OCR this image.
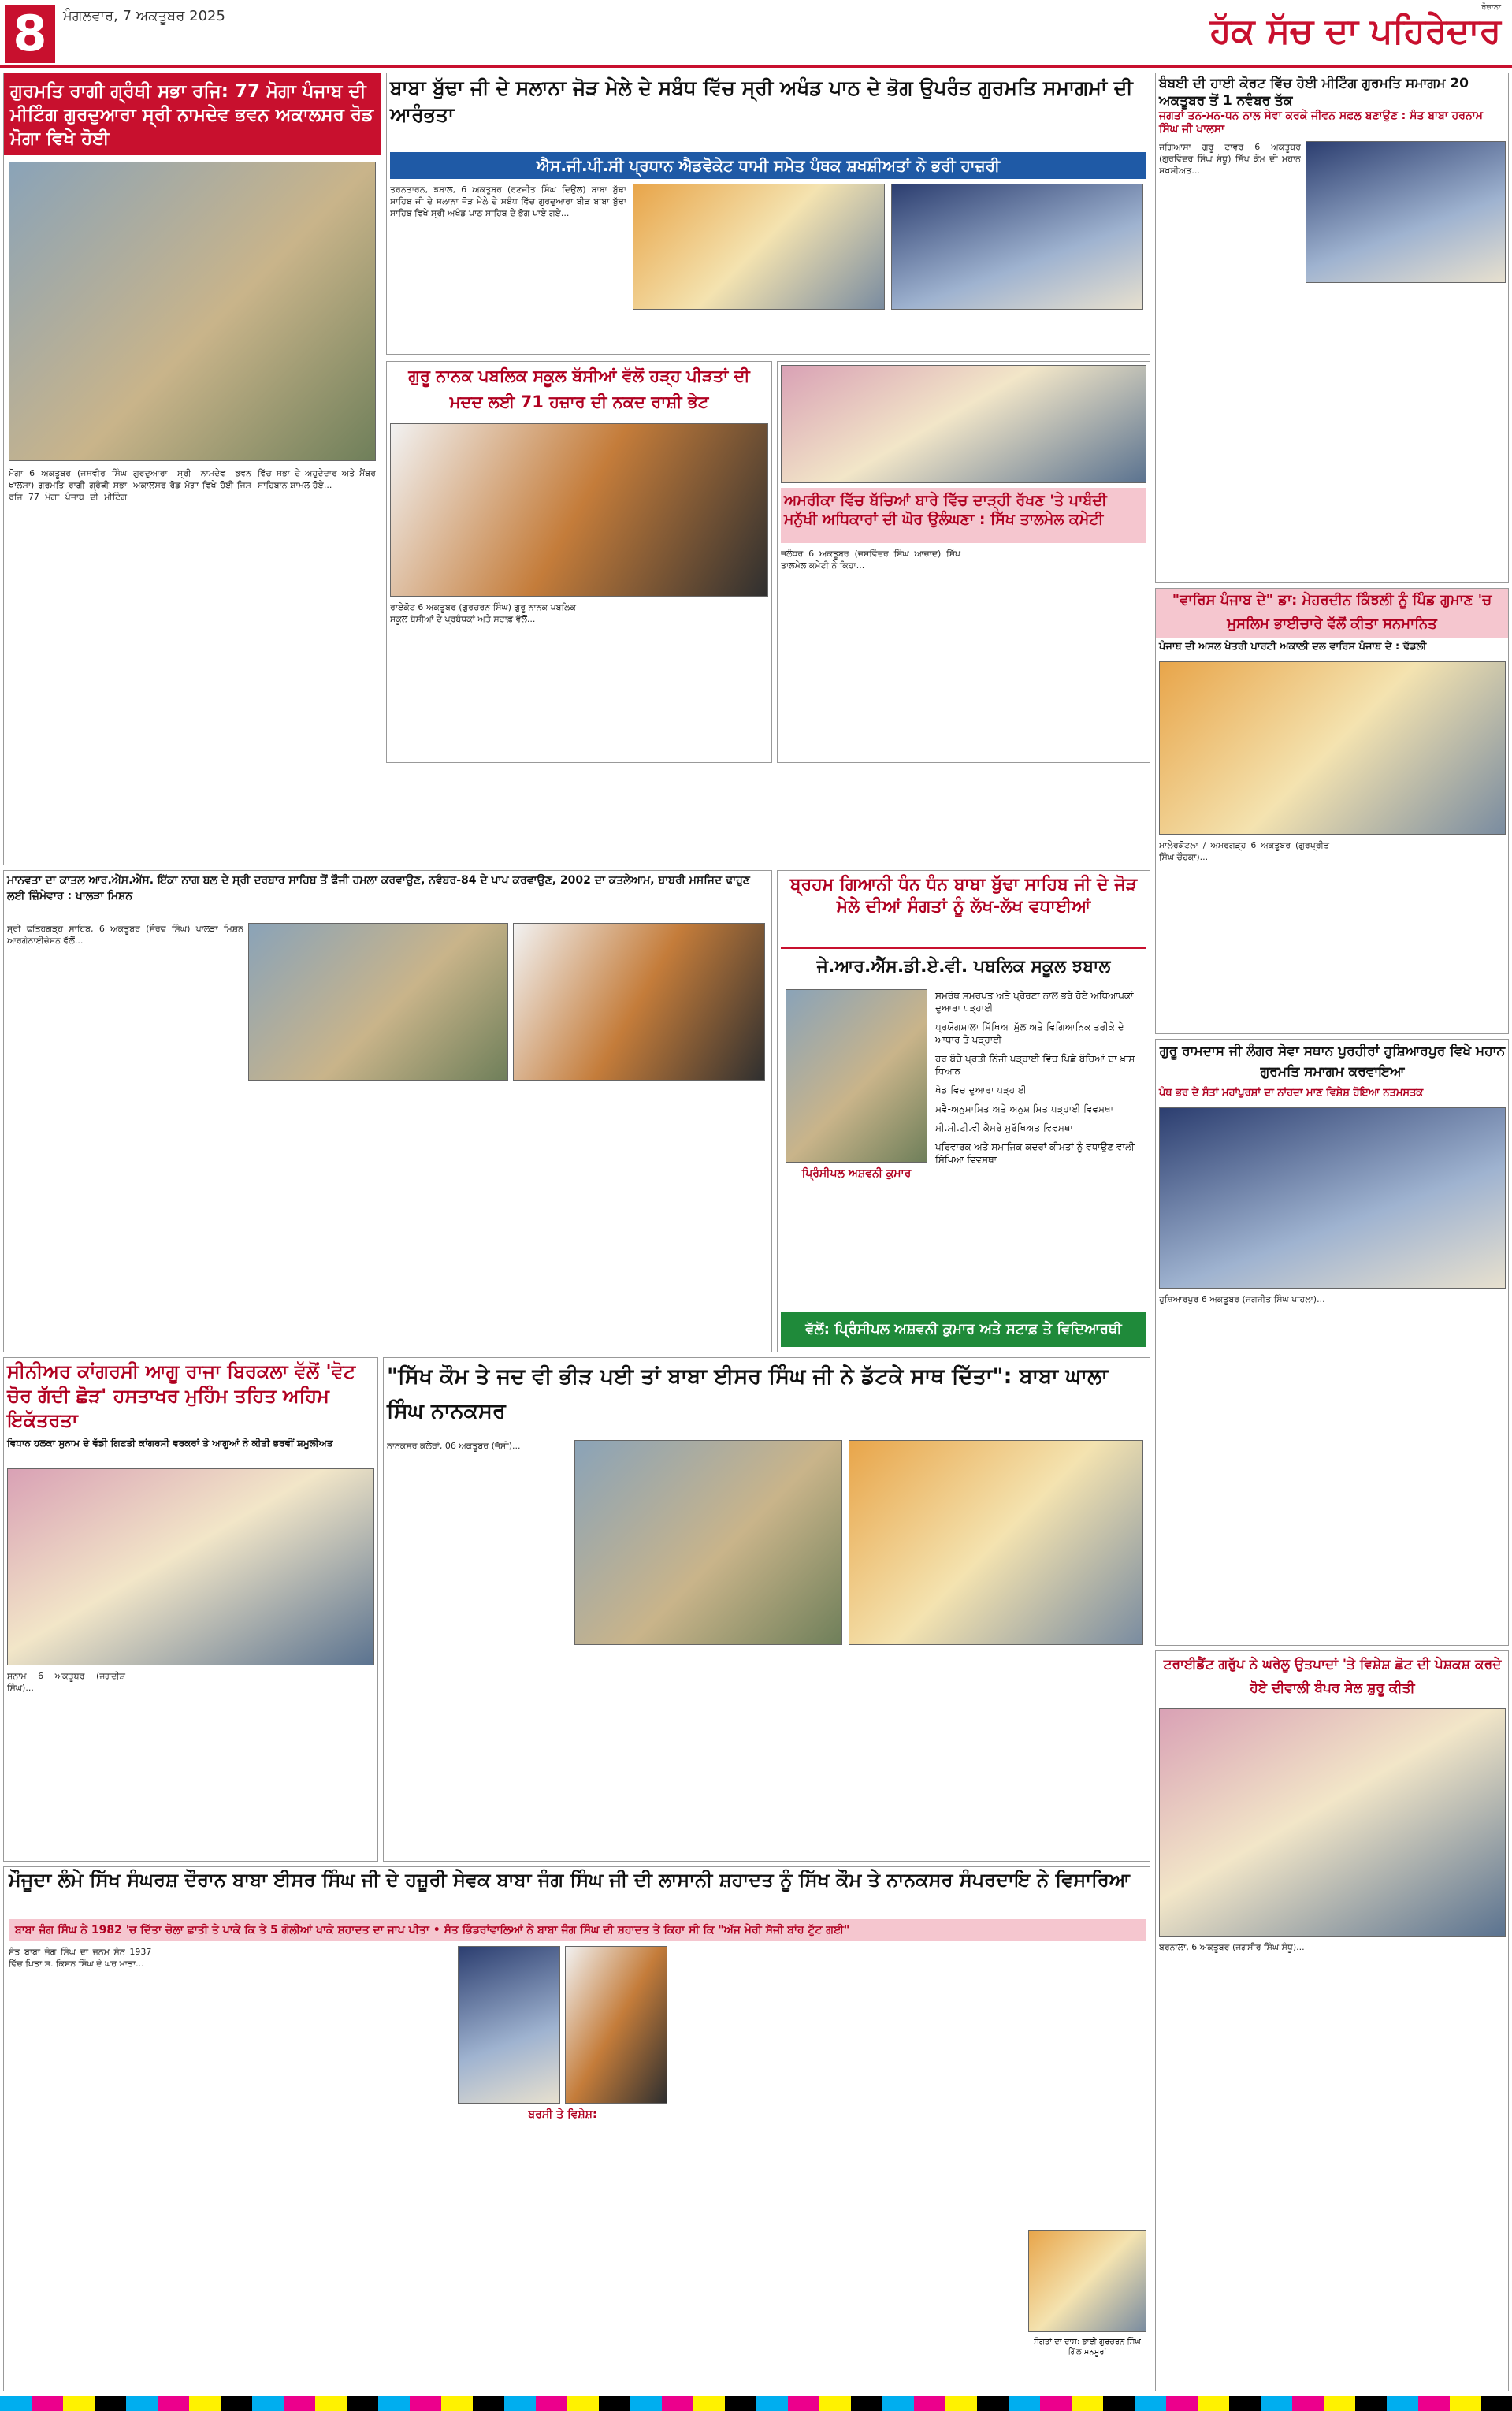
8	ਮੰਗਲਵਾਰ, 7 ਅਕਤੂਬਰ 2025
ਰੋਜ਼ਾਨਾ
ਹੱਕ ਸੱਚ ਦਾ ਪਹਿਰੇਦਾਰ
ਗੁਰਮਤਿ ਰਾਗੀ ਗ੍ਰੰਥੀ ਸਭਾ ਰਜਿ: 77 ਮੋਗਾ ਪੰਜਾਬ ਦੀ ਮੀਟਿੰਗ ਗੁਰਦੁਆਰਾ ਸ੍ਰੀ ਨਾਮਦੇਵ ਭਵਨ ਅਕਾਲਸਰ ਰੋਡ ਮੋਗਾ ਵਿਖੇ ਹੋਈ
ਮੋਗਾ 6 ਅਕਤੂਬਰ (ਜਸਵੀਰ ਸਿੰਘ ਖਾਲਸਾ) ਗੁਰਮਤਿ ਰਾਗੀ ਗ੍ਰੰਥੀ ਸਭਾ ਰਜਿ 77 ਮੋਗਾ ਪੰਜਾਬ ਦੀ ਮੀਟਿੰਗ ਗੁਰਦੁਆਰਾ ਸ੍ਰੀ ਨਾਮਦੇਵ ਭਵਨ ਅਕਾਲਸਰ ਰੋਡ ਮੋਗਾ ਵਿਖੇ ਹੋਈ ਜਿਸ ਵਿੱਚ ਸਭਾ ਦੇ ਅਹੁਦੇਦਾਰ ਅਤੇ ਮੈਂਬਰ ਸਾਹਿਬਾਨ ਸ਼ਾਮਲ ਹੋਏ...
ਬਾਬਾ ਬੁੱਢਾ ਜੀ ਦੇ ਸਲਾਨਾ ਜੋੜ ਮੇਲੇ ਦੇ ਸਬੰਧ ਵਿੱਚ ਸ੍ਰੀ ਅਖੰਡ ਪਾਠ ਦੇ ਭੋਗ ਉਪਰੰਤ ਗੁਰਮਤਿ ਸਮਾਗਮਾਂ ਦੀ ਆਰੰਭਤਾ
ਐਸ.ਜੀ.ਪੀ.ਸੀ ਪ੍ਰਧਾਨ ਐਡਵੋਕੇਟ ਧਾਮੀ ਸਮੇਤ ਪੰਥਕ ਸ਼ਖਸ਼ੀਅਤਾਂ ਨੇ ਭਰੀ ਹਾਜ਼ਰੀ
ਤਰਨਤਾਰਨ, ਝਬਾਲ, 6 ਅਕਤੂਬਰ (ਰਣਜੀਤ ਸਿੰਘ ਦਿਉਲ) ਬਾਬਾ ਬੁੱਢਾ ਸਾਹਿਬ ਜੀ ਦੇ ਸਲਾਨਾ ਜੋੜ ਮੇਲੇ ਦੇ ਸਬੰਧ ਵਿੱਚ ਗੁਰਦੁਆਰਾ ਬੀੜ ਬਾਬਾ ਬੁੱਢਾ ਸਾਹਿਬ ਵਿਖੇ ਸ੍ਰੀ ਅਖੰਡ ਪਾਠ ਸਾਹਿਬ ਦੇ ਭੋਗ ਪਾਏ ਗਏ...
ਗੁਰੂ ਨਾਨਕ ਪਬਲਿਕ ਸਕੂਲ ਬੱਸੀਆਂ ਵੱਲੋਂ ਹੜ੍ਹ ਪੀੜਤਾਂ ਦੀ ਮਦਦ ਲਈ 71 ਹਜ਼ਾਰ ਦੀ ਨਕਦ ਰਾਸ਼ੀ ਭੇਟ
ਰਾਏਕੋਟ 6 ਅਕਤੂਬਰ (ਗੁਰਚਰਨ ਸਿੰਘ) ਗੁਰੂ ਨਾਨਕ ਪਬਲਿਕ ਸਕੂਲ ਬੱਸੀਆਂ ਦੇ ਪ੍ਰਬੰਧਕਾਂ ਅਤੇ ਸਟਾਫ਼ ਵੱਲੋਂ...
ਅਮਰੀਕਾ ਵਿੱਚ ਬੱਚਿਆਂ ਬਾਰੇ ਵਿੱਚ ਦਾੜ੍ਹੀ ਰੱਖਣ 'ਤੇ ਪਾਬੰਦੀ ਮਨੁੱਖੀ ਅਧਿਕਾਰਾਂ ਦੀ ਘੋਰ ਉਲੰਘਣਾ : ਸਿੱਖ ਤਾਲਮੇਲ ਕਮੇਟੀ
ਜਲੰਧਰ 6 ਅਕਤੂਬਰ (ਜਸਵਿੰਦਰ ਸਿੰਘ ਆਜ਼ਾਦ) ਸਿੱਖ ਤਾਲਮੇਲ ਕਮੇਟੀ ਨੇ ਕਿਹਾ...
ਬੰਬਈ ਦੀ ਹਾਈ ਕੋਰਟ ਵਿੱਚ ਹੋਈ ਮੀਟਿੰਗ ਗੁਰਮਤਿ ਸਮਾਗਮ 20 ਅਕਤੂਬਰ ਤੋਂ 1 ਨਵੰਬਰ ਤੱਕ
ਜਗਤਾਂ ਤਨ-ਮਨ-ਧਨ ਨਾਲ ਸੇਵਾ ਕਰਕੇ ਜੀਵਨ ਸਫ਼ਲ ਬਣਾਉਣ : ਸੰਤ ਬਾਬਾ ਹਰਨਾਮ ਸਿੰਘ ਜੀ ਖਾਲਸਾ
ਜਗਿਆਸਾ ਗੁਰੂ ਟਾਵਰ 6 ਅਕਤੂਬਰ (ਗੁਰਵਿੰਦਰ ਸਿੰਘ ਸੰਧੂ) ਸਿੱਖ ਕੌਮ ਦੀ ਮਹਾਨ ਸ਼ਖਸੀਅਤ...
"ਵਾਰਿਸ ਪੰਜਾਬ ਦੇ" ਡਾ: ਮੇਹਰਦੀਨ ਕਿੰਝਲੀ ਨੂੰ ਪਿੰਡ ਗੁਮਾਣ 'ਚ ਮੁਸਲਿਮ ਭਾਈਚਾਰੇ ਵੱਲੋਂ ਕੀਤਾ ਸਨਮਾਨਿਤ
ਪੰਜਾਬ ਦੀ ਅਸਲ ਖੇਤਰੀ ਪਾਰਟੀ ਅਕਾਲੀ ਦਲ ਵਾਰਿਸ ਪੰਜਾਬ ਦੇ : ਢੱਡਲੀ
ਮਾਲੇਰਕੋਟਲਾ / ਅਮਰਗੜ੍ਹ 6 ਅਕਤੂਬਰ (ਗੁਰਪ੍ਰੀਤ ਸਿੰਘ ਚੌਹਕਾ)...
ਮਾਨਵਤਾ ਦਾ ਕਾਤਲ ਆਰ.ਐੱਸ.ਐੱਸ. ਇੱਕਾ ਨਾਗ ਬਲ ਦੇ ਸ੍ਰੀ ਦਰਬਾਰ ਸਾਹਿਬ ਤੋਂ ਫੌਜੀ ਹਮਲਾ ਕਰਵਾਉਣ, ਨਵੰਬਰ-84 ਦੇ ਪਾਪ ਕਰਵਾਉਣ, 2002 ਦਾ ਕਤਲੇਆਮ, ਬਾਬਰੀ ਮਸਜਿਦ ਢਾਹੁਣ ਲਈ ਜ਼ਿੰਮੇਵਾਰ : ਖਾਲੜਾ ਮਿਸ਼ਨ
ਸ੍ਰੀ ਫਤਿਹਗੜ੍ਹ ਸਾਹਿਬ, 6 ਅਕਤੂਬਰ (ਸੌਰਵ ਸਿੰਘ) ਖਾਲੜਾ ਮਿਸ਼ਨ ਆਰਗੇਨਾਈਜ਼ੇਸ਼ਨ ਵੱਲੋਂ...
ਬ੍ਰਹਮ ਗਿਆਨੀ ਧੰਨ ਧੰਨ ਬਾਬਾ ਬੁੱਢਾ ਸਾਹਿਬ ਜੀ ਦੇ ਜੋੜ ਮੇਲੇ ਦੀਆਂ ਸੰਗਤਾਂ ਨੂੰ ਲੱਖ-ਲੱਖ ਵਧਾਈਆਂ
ਜੇ.ਆਰ.ਐੱਸ.ਡੀ.ਏ.ਵੀ. ਪਬਲਿਕ ਸਕੂਲ ਝਬਾਲ
ਪ੍ਰਿੰਸੀਪਲ ਅਸ਼ਵਨੀ ਕੁਮਾਰ
ਸਮਰੱਥ ਸਮਰਪਤ ਅਤੇ ਪ੍ਰੇਰਣਾ ਨਾਲ ਭਰੇ ਹੋਏ ਅਧਿਆਪਕਾਂ ਦੁਆਰਾ ਪੜ੍ਹਾਈ
ਪ੍ਰਯੋਗਸ਼ਾਲਾ ਸਿੱਖਿਆ ਮੁੱਲ ਅਤੇ ਵਿਗਿਆਨਿਕ ਤਰੀਕੇ ਦੇ ਆਧਾਰ ਤੇ ਪੜ੍ਹਾਈ
ਹਰ ਬੱਚੇ ਪ੍ਰਤੀ ਨਿੱਜੀ ਪੜ੍ਹਾਈ ਵਿੱਚ ਪਿੱਛੇ ਬੱਚਿਆਂ ਦਾ ਖ਼ਾਸ ਧਿਆਨ
ਖੇਡ ਵਿਚ ਦੁਆਰਾ ਪੜ੍ਹਾਈ
ਸਵੈ-ਅਨੁਸ਼ਾਸਿਤ ਅਤੇ ਅਨੁਸ਼ਾਸਿਤ ਪੜ੍ਹਾਈ ਵਿਵਸਥਾ
ਸੀ.ਸੀ.ਟੀ.ਵੀ ਕੈਮਰੇ ਸੁਰੱਖਿਅਤ ਵਿਵਸਥਾ
ਪਰਿਵਾਰਕ ਅਤੇ ਸਮਾਜਿਕ ਕਦਰਾਂ ਕੀਮਤਾਂ ਨੂੰ ਵਧਾਉਣ ਵਾਲੀ ਸਿੱਖਿਆ ਵਿਵਸਥਾ
ਵੱਲੋਂ: ਪ੍ਰਿੰਸੀਪਲ ਅਸ਼ਵਨੀ ਕੁਮਾਰ ਅਤੇ ਸਟਾਫ਼ ਤੇ ਵਿਦਿਆਰਥੀ
ਗੁਰੂ ਰਾਮਦਾਸ ਜੀ ਲੰਗਰ ਸੇਵਾ ਸਥਾਨ ਪੁਰਹੀਰਾਂ ਹੁਸ਼ਿਆਰਪੁਰ ਵਿਖੇ ਮਹਾਨ ਗੁਰਮਤਿ ਸਮਾਗਮ ਕਰਵਾਇਆ
ਪੰਥ ਭਰ ਦੇ ਸੰਤਾਂ ਮਹਾਂਪੁਰਸ਼ਾਂ ਦਾ ਨਾਂਹਦਾ ਮਾਣ ਵਿਸ਼ੇਸ਼ ਹੋਇਆ ਨਤਮਸਤਕ
ਹੁਸ਼ਿਆਰਪੁਰ 6 ਅਕਤੂਬਰ (ਜਗਜੀਤ ਸਿੰਘ ਪਾਹਲਾ)...
ਸੀਨੀਅਰ ਕਾਂਗਰਸੀ ਆਗੂ ਰਾਜਾ ਬਿਰਕਲਾ ਵੱਲੋਂ 'ਵੋਟ ਚੋਰ ਗੱਦੀ ਛੋੜ' ਹਸਤਾਖਰ ਮੁਹਿੰਮ ਤਹਿਤ ਅਹਿਮ ਇਕੱਤਰਤਾ
ਵਿਧਾਨ ਹਲਕਾ ਸੁਨਾਮ ਦੇ ਵੱਡੀ ਗਿਣਤੀ ਕਾਂਗਰਸੀ ਵਰਕਰਾਂ ਤੇ ਆਗੂਆਂ ਨੇ ਕੀਤੀ ਭਰਵੀਂ ਸ਼ਮੂਲੀਅਤ
ਸੁਨਾਮ 6 ਅਕਤੂਬਰ (ਜਗਦੀਸ਼ ਸਿੰਘ)...
"ਸਿੱਖ ਕੌਮ ਤੇ ਜਦ ਵੀ ਭੀੜ ਪਈ ਤਾਂ ਬਾਬਾ ਈਸਰ ਸਿੰਘ ਜੀ ਨੇ ਡੱਟਕੇ ਸਾਥ ਦਿੱਤਾ": ਬਾਬਾ ਘਾਲਾ ਸਿੰਘ ਨਾਨਕਸਰ
ਨਾਨਕਸਰ ਕਲੇਰਾਂ, 06 ਅਕਤੂਬਰ (ਜੱਸੀ)...
ਟਰਾਈਡੈਂਟ ਗਰੁੱਪ ਨੇ ਘਰੇਲੂ ਉਤਪਾਦਾਂ 'ਤੇ ਵਿਸ਼ੇਸ਼ ਛੋਟ ਦੀ ਪੇਸ਼ਕਸ਼ ਕਰਦੇ ਹੋਏ ਦੀਵਾਲੀ ਬੰਪਰ ਸੇਲ ਸ਼ੁਰੂ ਕੀਤੀ
ਬਰਨਾਲਾ, 6 ਅਕਤੂਬਰ (ਜਗਸੀਰ ਸਿੰਘ ਸੰਧੂ)...
ਮੌਜੂਦਾ ਲੰਮੇ ਸਿੱਖ ਸੰਘਰਸ਼ ਦੌਰਾਨ ਬਾਬਾ ਈਸਰ ਸਿੰਘ ਜੀ ਦੇ ਹਜ਼ੂਰੀ ਸੇਵਕ ਬਾਬਾ ਜੰਗ ਸਿੰਘ ਜੀ ਦੀ ਲਾਸਾਨੀ ਸ਼ਹਾਦਤ ਨੂੰ ਸਿੱਖ ਕੌਮ ਤੇ ਨਾਨਕਸਰ ਸੰਪਰਦਾਇ ਨੇ ਵਿਸਾਰਿਆ
ਬਾਬਾ ਜੰਗ ਸਿੰਘ ਨੇ 1982 'ਚ ਦਿੱਤਾ ਚੋਲਾ ਛਾਤੀ ਤੇ ਪਾਕੇ ਕਿ ਤੇ 5 ਗੋਲੀਆਂ ਖਾਕੇ ਸ਼ਹਾਦਤ ਦਾ ਜਾਪ ਪੀਤਾ • ਸੰਤ ਭਿੰਡਰਾਂਵਾਲਿਆਂ ਨੇ ਬਾਬਾ ਜੰਗ ਸਿੰਘ ਦੀ ਸ਼ਹਾਦਤ ਤੇ ਕਿਹਾ ਸੀ ਕਿ "ਅੱਜ ਮੇਰੀ ਸੱਜੀ ਬਾਂਹ ਟੁੱਟ ਗਈ"
ਸੰਤ ਬਾਬਾ ਜੰਗ ਸਿੰਘ ਦਾ ਜਨਮ ਸੰਨ 1937 ਵਿੱਚ ਪਿਤਾ ਸ. ਕਿਸ਼ਨ ਸਿੰਘ ਦੇ ਘਰ ਮਾਤਾ...
ਬਰਸੀ ਤੇ ਵਿਸ਼ੇਸ਼:
ਸੰਗਤਾਂ ਦਾ ਦਾਸ: ਭਾਈ ਗੁਰਚਰਨ ਸਿੰਘ ਗਿੱਲ ਮਨਸੂਰਾਂ
